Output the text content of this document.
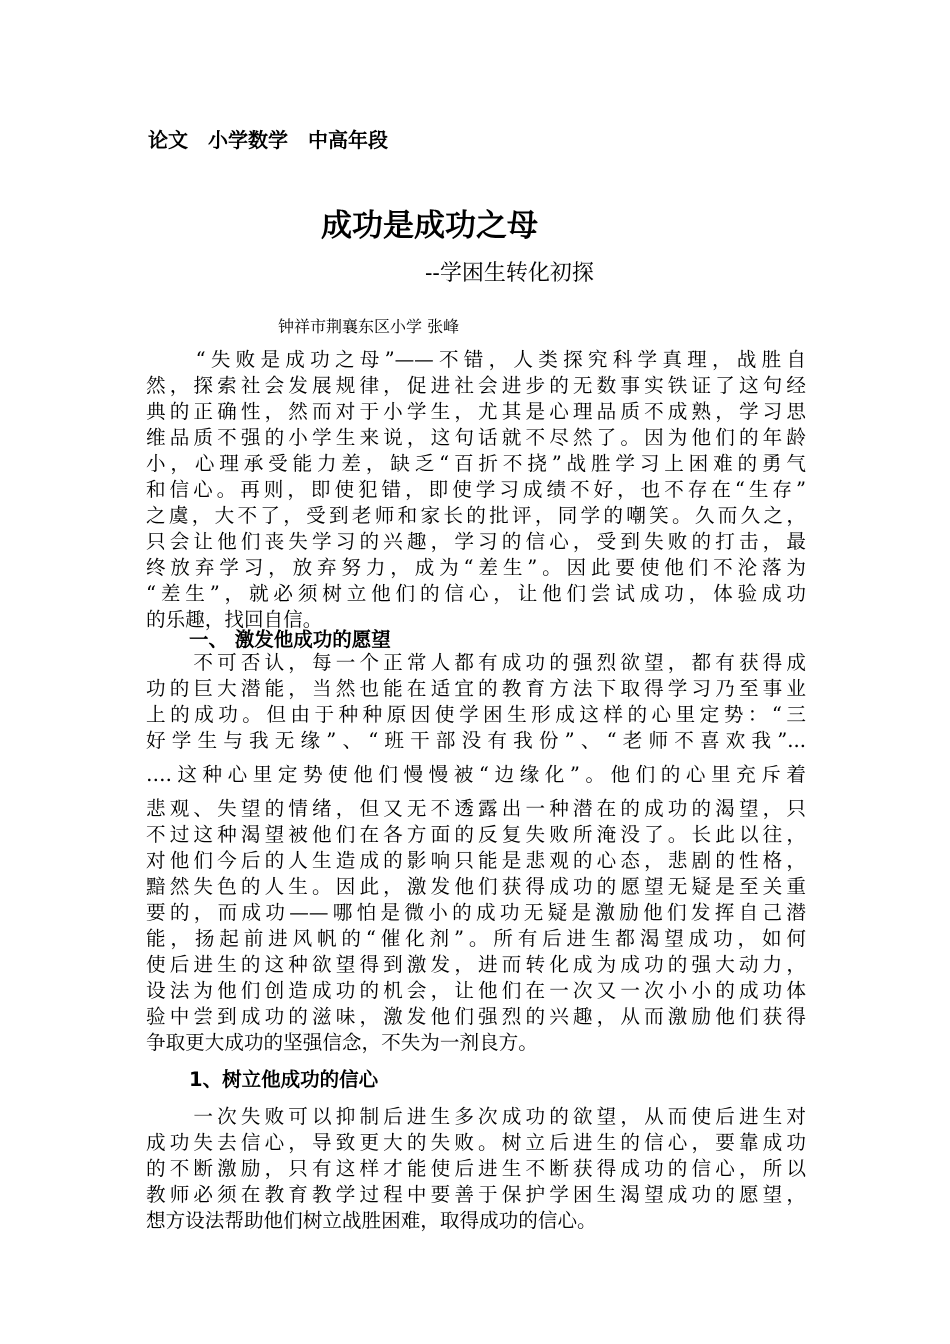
论文　小学数学　中高年段
成功是成功之母
--学困生转化初探
钟祥市荆襄东区小学 张峰
　　“失败是成功之母”——不错，人类探究科学真理，战胜自
然，探索社会发展规律，促进社会进步的无数事实铁证了这句经
典的正确性，然而对于小学生，尤其是心理品质不成熟，学习思
维品质不强的小学生来说，这句话就不尽然了。因为他们的年龄
小，心理承受能力差，缺乏“百折不挠”战胜学习上困难的勇气
和信心。再则，即使犯错，即使学习成绩不好，也不存在“生存”
之虞，大不了，受到老师和家长的批评，同学的嘲笑。久而久之，
只会让他们丧失学习的兴趣，学习的信心，受到失败的打击，最
终放弃学习，放弃努力，成为“差生”。因此要使他们不沦落为
“差生”，就必须树立他们的信心，让他们尝试成功，体验成功
的乐趣，找回自信。
一、 激发他成功的愿望
　　不可否认，每一个正常人都有成功的强烈欲望，都有获得成
功的巨大潜能，当然也能在适宜的教育方法下取得学习乃至事业
上的成功。但由于种种原因使学困生形成这样的心里定势：“三
好学生与我无缘”、“班干部没有我份”、“老师不喜欢我”...
….这种心里定势使他们慢慢被“边缘化”。他们的心里充斥着
悲观、失望的情绪，但又无不透露出一种潜在的成功的渴望，只
不过这种渴望被他们在各方面的反复失败所淹没了。长此以往，
对他们今后的人生造成的影响只能是悲观的心态，悲剧的性格，
黯然失色的人生。因此，激发他们获得成功的愿望无疑是至关重
要的，而成功——哪怕是微小的成功无疑是激励他们发挥自己潜
能，扬起前进风帆的“催化剂”。所有后进生都渴望成功，如何
使后进生的这种欲望得到激发，进而转化成为成功的强大动力，
设法为他们创造成功的机会，让他们在一次又一次小小的成功体
验中尝到成功的滋味，激发他们强烈的兴趣，从而激励他们获得
争取更大成功的坚强信念，不失为一剂良方。
1、树立他成功的信心
　　一次失败可以抑制后进生多次成功的欲望，从而使后进生对
成功失去信心，导致更大的失败。树立后进生的信心，要靠成功
的不断激励，只有这样才能使后进生不断获得成功的信心，所以
教师必须在教育教学过程中要善于保护学困生渴望成功的愿望，
想方设法帮助他们树立战胜困难，取得成功的信心。
